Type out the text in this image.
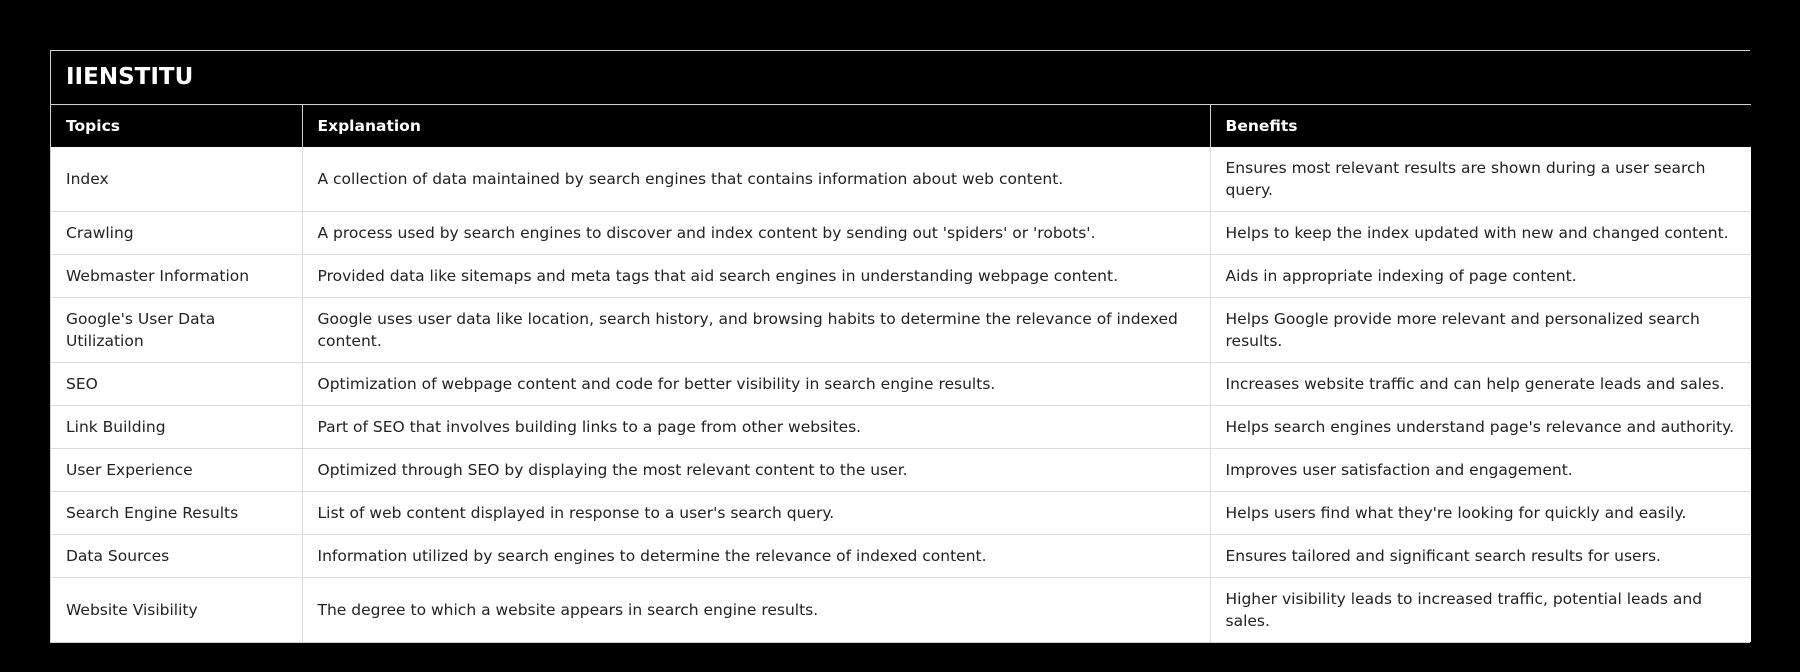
IIENSTITU		
Topics	Explanation	Benefits
Index	A collection of data maintained by search engines that contains information about web content.	Ensures most relevant results are shown during a user search query.
Crawling	A process used by search engines to discover and index content by sending out 'spiders' or 'robots'.	Helps to keep the index updated with new and changed content.
Webmaster Information	Provided data like sitemaps and meta tags that aid search engines in understanding webpage content.	Aids in appropriate indexing of page content.
Google's User Data Utilization	Google uses user data like location, search history, and browsing habits to determine the relevance of indexed content.	Helps Google provide more relevant and personalized search results.
SEO	Optimization of webpage content and code for better visibility in search engine results.	Increases website traffic and can help generate leads and sales.
Link Building	Part of SEO that involves building links to a page from other websites.	Helps search engines understand page's relevance and authority.
User Experience	Optimized through SEO by displaying the most relevant content to the user.	Improves user satisfaction and engagement.
Search Engine Results	List of web content displayed in response to a user's search query.	Helps users find what they're looking for quickly and easily.
Data Sources	Information utilized by search engines to determine the relevance of indexed content.	Ensures tailored and significant search results for users.
Website Visibility	The degree to which a website appears in search engine results.	Higher visibility leads to increased traffic, potential leads and sales.
